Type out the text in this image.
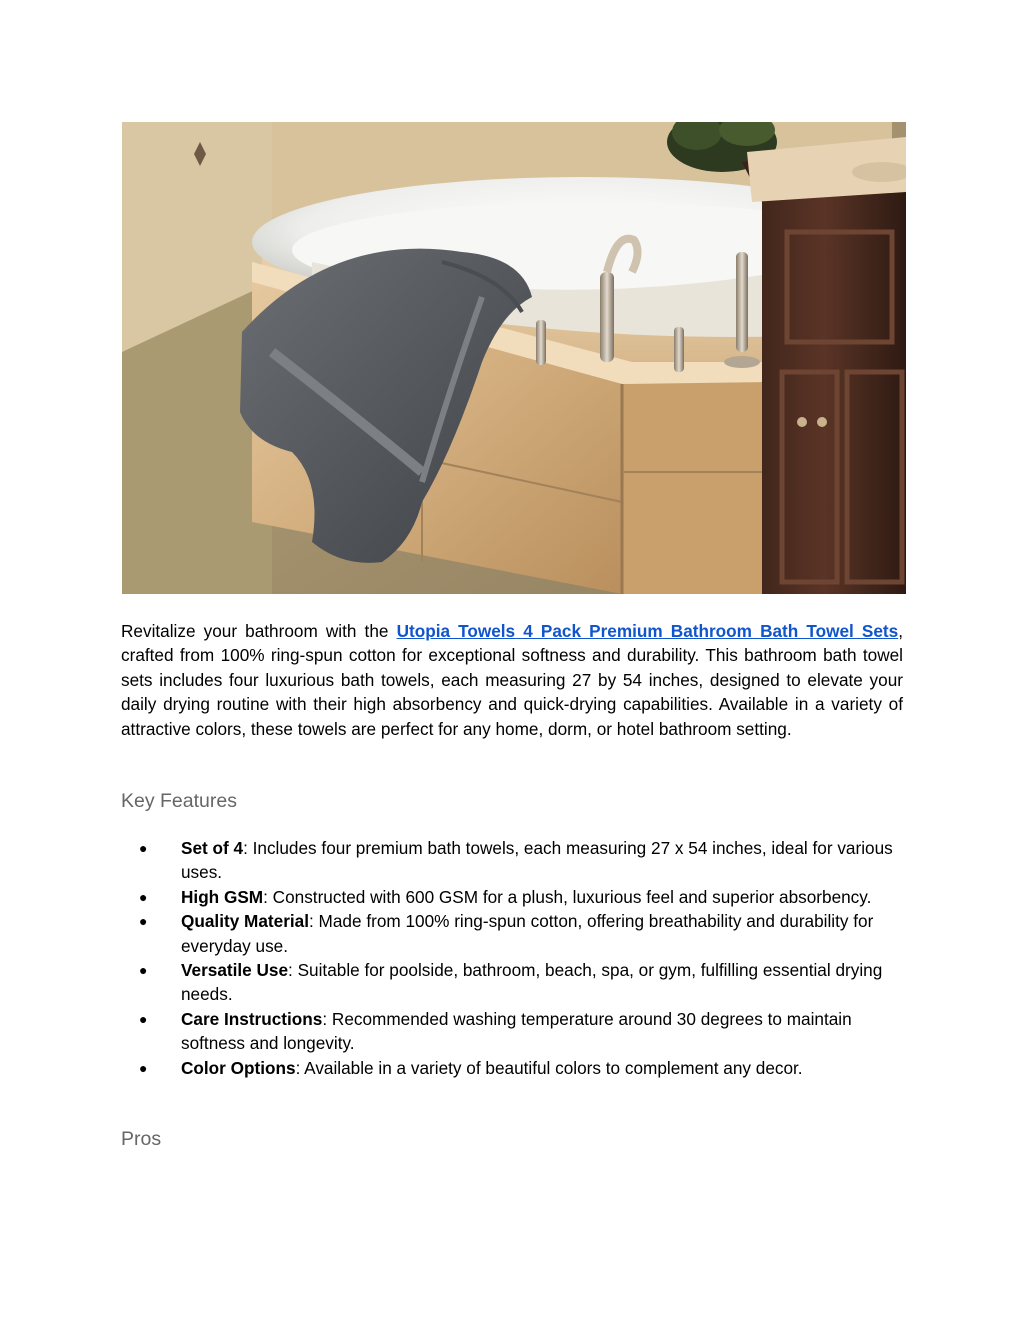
Revitalize your bathroom with the Utopia Towels 4 Pack Premium Bathroom Bath Towel Sets, crafted from 100% ring-spun cotton for exceptional softness and durability. This bathroom bath towel sets includes four luxurious bath towels, each measuring 27 by 54 inches, designed to elevate your daily drying routine with their high absorbency and quick-drying capabilities. Available in a variety of attractive colors, these towels are perfect for any home, dorm, or hotel bathroom setting.

Key Features
● Set of 4: Includes four premium bath towels, each measuring 27 x 54 inches, ideal for various uses.
● High GSM: Constructed with 600 GSM for a plush, luxurious feel and superior absorbency.
● Quality Material: Made from 100% ring-spun cotton, offering breathability and durability for everyday use.
● Versatile Use: Suitable for poolside, bathroom, beach, spa, or gym, fulfilling essential drying needs.
● Care Instructions: Recommended washing temperature around 30 degrees to maintain softness and longevity.
● Color Options: Available in a variety of beautiful colors to complement any decor.
Pros
